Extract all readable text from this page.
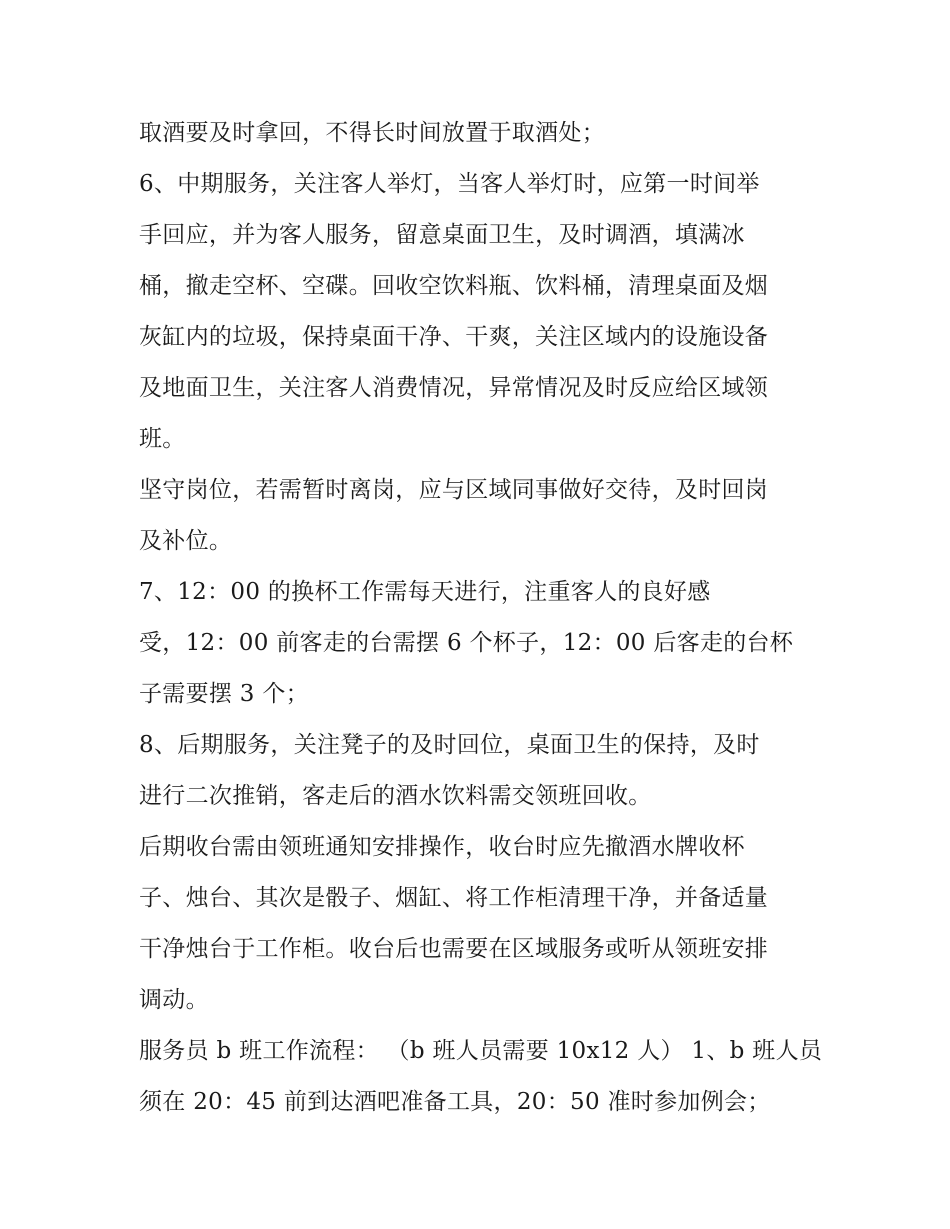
取酒要及时拿回，不得长时间放置于取酒处；
6、中期服务，关注客人举灯，当客人举灯时，应第一时间举
手回应，并为客人服务，留意桌面卫生，及时调酒，填满冰
桶，撤走空杯、空碟。回收空饮料瓶、饮料桶，清理桌面及烟
灰缸内的垃圾，保持桌面干净、干爽，关注区域内的设施设备
及地面卫生，关注客人消费情况，异常情况及时反应给区域领
班。
坚守岗位，若需暂时离岗，应与区域同事做好交待，及时回岗
及补位。
7、12：00 的换杯工作需每天进行，注重客人的良好感
受，12：00 前客走的台需摆 6 个杯子，12：00 后客走的台杯
子需要摆 3 个；
8、后期服务，关注凳子的及时回位，桌面卫生的保持，及时
进行二次推销，客走后的酒水饮料需交领班回收。
后期收台需由领班通知安排操作，收台时应先撤酒水牌收杯
子、烛台、其次是骰子、烟缸、将工作柜清理干净，并备适量
干净烛台于工作柜。收台后也需要在区域服务或听从领班安排
调动。
服务员 b 班工作流程： （b 班人员需要 10x12 人） 1、b 班人员
须在 20：45 前到达酒吧准备工具，20：50 准时参加例会；
